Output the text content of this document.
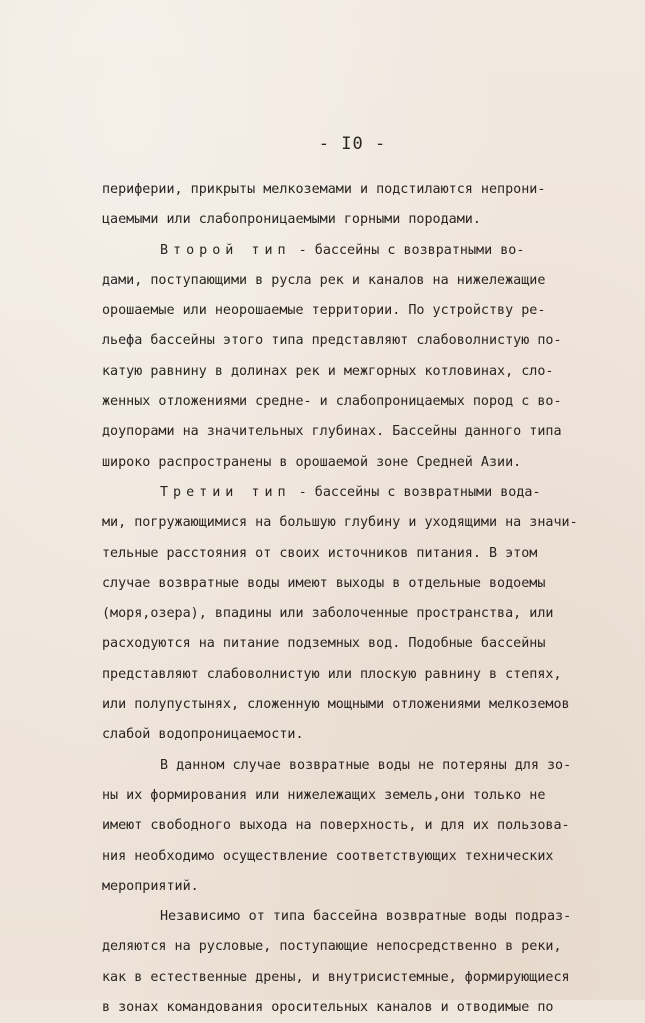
- I0 -
периферии, прикрыты мелкоземами и подстилаются непрони-
цаемыми или слабопроницаемыми горными породами.
Второй тип - бассейны с возвратными во-
дами, поступающими в русла рек и каналов на нижележащие
орошаемые или неорошаемые территории. По устройству ре-
льефа бассейны этого типа представляют слабоволнистую по-
катую равнину в долинах рек и межгорных котловинах, сло-
женных отложениями средне- и слабопроницаемых пород с во-
доупорами на значительных глубинах. Бассейны данного типа
широко распространены в орошаемой зоне Средней Азии.
Третии тип - бассейны с возвратными вода-
ми, погружающимися на большую глубину и уходящими на значи-
тельные расстояния от своих источников питания. В этом
случае возвратные воды имеют выходы в отдельные водоемы
(моря,озера), впадины или заболоченные пространства, или
расходуются на питание подземных вод. Подобные бассейны
представляют слабоволнистую или плоскую равнину в степях,
или полупустынях, сложенную мощными отложениями мелкоземов
слабой водопроницаемости.
В данном случае возвратные воды не потеряны для зо-
ны их формирования или нижележащих земель,они только не
имеют свободного выхода на поверхность, и для их пользова-
ния необходимо осуществление соответствующих технических
мероприятий.
Независимо от типа бассейна возвратные воды подраз-
деляются на русловые, поступающие непосредственно в реки,
как в естественные дрены, и внутрисистемные, формирующиеся
в зонах командования оросительных каналов и отводимые по
